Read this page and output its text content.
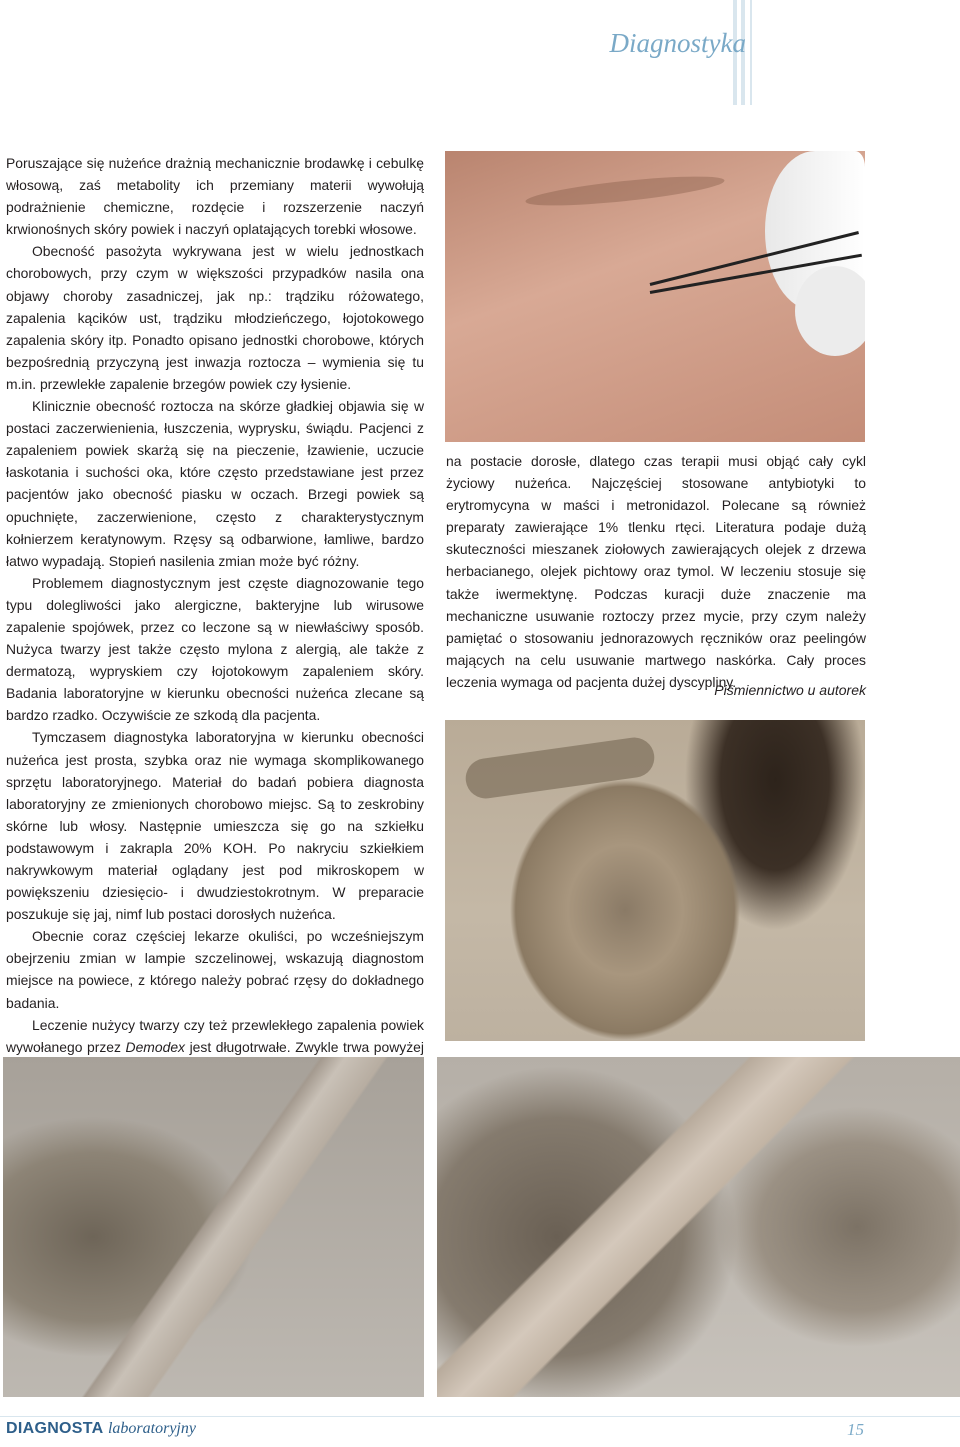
Diagnostyka

Poruszające się nużeńce drażnią mechanicznie brodawkę i cebulkę włosową, zaś metabolity ich przemiany materii wywołują podrażnienie chemiczne, rozdęcie i rozszerzenie naczyń krwionośnych skóry powiek i naczyń oplatających torebki włosowe.

Obecność pasożyta wykrywana jest w wielu jednostkach chorobowych, przy czym w większości przypadków nasila ona objawy choroby zasadniczej, jak np.: trądziku różowatego, zapalenia kącików ust, trądziku młodzieńczego, łojotokowego zapalenia skóry itp. Ponadto opisano jednostki chorobowe, których bezpośrednią przyczyną jest inwazja roztocza – wymienia się tu m.in. przewlekłe zapalenie brzegów powiek czy łysienie.

Klinicznie obecność roztocza na skórze gładkiej objawia się w postaci zaczerwienienia, łuszczenia, wyprysku, świądu. Pacjenci z zapaleniem powiek skarżą się na pieczenie, łzawienie, uczucie łaskotania i suchości oka, które często przedstawiane jest przez pacjentów jako obecność piasku w oczach. Brzegi powiek są opuchnięte, zaczerwienione, często z charakterystycznym kołnierzem keratynowym. Rzęsy są odbarwione, łamliwe, bardzo łatwo wypadają. Stopień nasilenia zmian może być różny.

Problemem diagnostycznym jest częste diagnozowanie tego typu dolegliwości jako alergiczne, bakteryjne lub wirusowe zapalenie spojówek, przez co leczone są w niewłaściwy sposób. Nużyca twarzy jest także często mylona z alergią, ale także z dermatozą, wypryskiem czy łojotokowym zapaleniem skóry. Badania laboratoryjne w kierunku obecności nużeńca zlecane są bardzo rzadko. Oczywiście ze szkodą dla pacjenta.

Tymczasem diagnostyka laboratoryjna w kierunku obecności nużeńca jest prosta, szybka oraz nie wymaga skomplikowanego sprzętu laboratoryjnego. Materiał do badań pobiera diagnosta laboratoryjny ze zmienionych chorobowo miejsc. Są to zeskrobiny skórne lub włosy. Następnie umieszcza się go na szkiełku podstawowym i zakrapla 20% KOH. Po nakryciu szkiełkiem nakrywkowym materiał oglądany jest pod mikroskopem w powiększeniu dziesięcio- i dwudziestokrotnym. W preparacie poszukuje się jaj, nimf lub postaci dorosłych nużeńca.

Obecnie coraz częściej lekarze okuliści, po wcześniejszym obejrzeniu zmian w lampie szczelinowej, wskazują diagnostom miejsce na powiece, z którego należy pobrać rzęsy do dokładnego badania.

Leczenie nużycy twarzy czy też przewlekłego zapalenia powiek wywołanego przez Demodex jest długotrwałe. Zwykle trwa powyżej

na postacie dorosłe, dlatego czas terapii musi objąć cały cykl życiowy nużeńca. Najczęściej stosowane antybiotyki to erytromycyna w maści i metronidazol. Polecane są również preparaty zawierające 1% tlenku rtęci. Literatura podaje dużą skuteczności mieszanek ziołowych zawierających olejek z drzewa herbacianego, olejek pichtowy oraz tymol. W leczeniu stosuje się także iwermektynę. Podczas kuracji duże znaczenie ma mechaniczne usuwanie roztoczy przez mycie, przy czym należy pamiętać o stosowaniu jednorazowych ręczników oraz peelingów mających na celu usuwanie martwego naskórka. Cały proces leczenia wymaga od pacjenta dużej dyscypliny.

Piśmiennictwo u autorek
DIAGNOSTA laboratoryjny	15
